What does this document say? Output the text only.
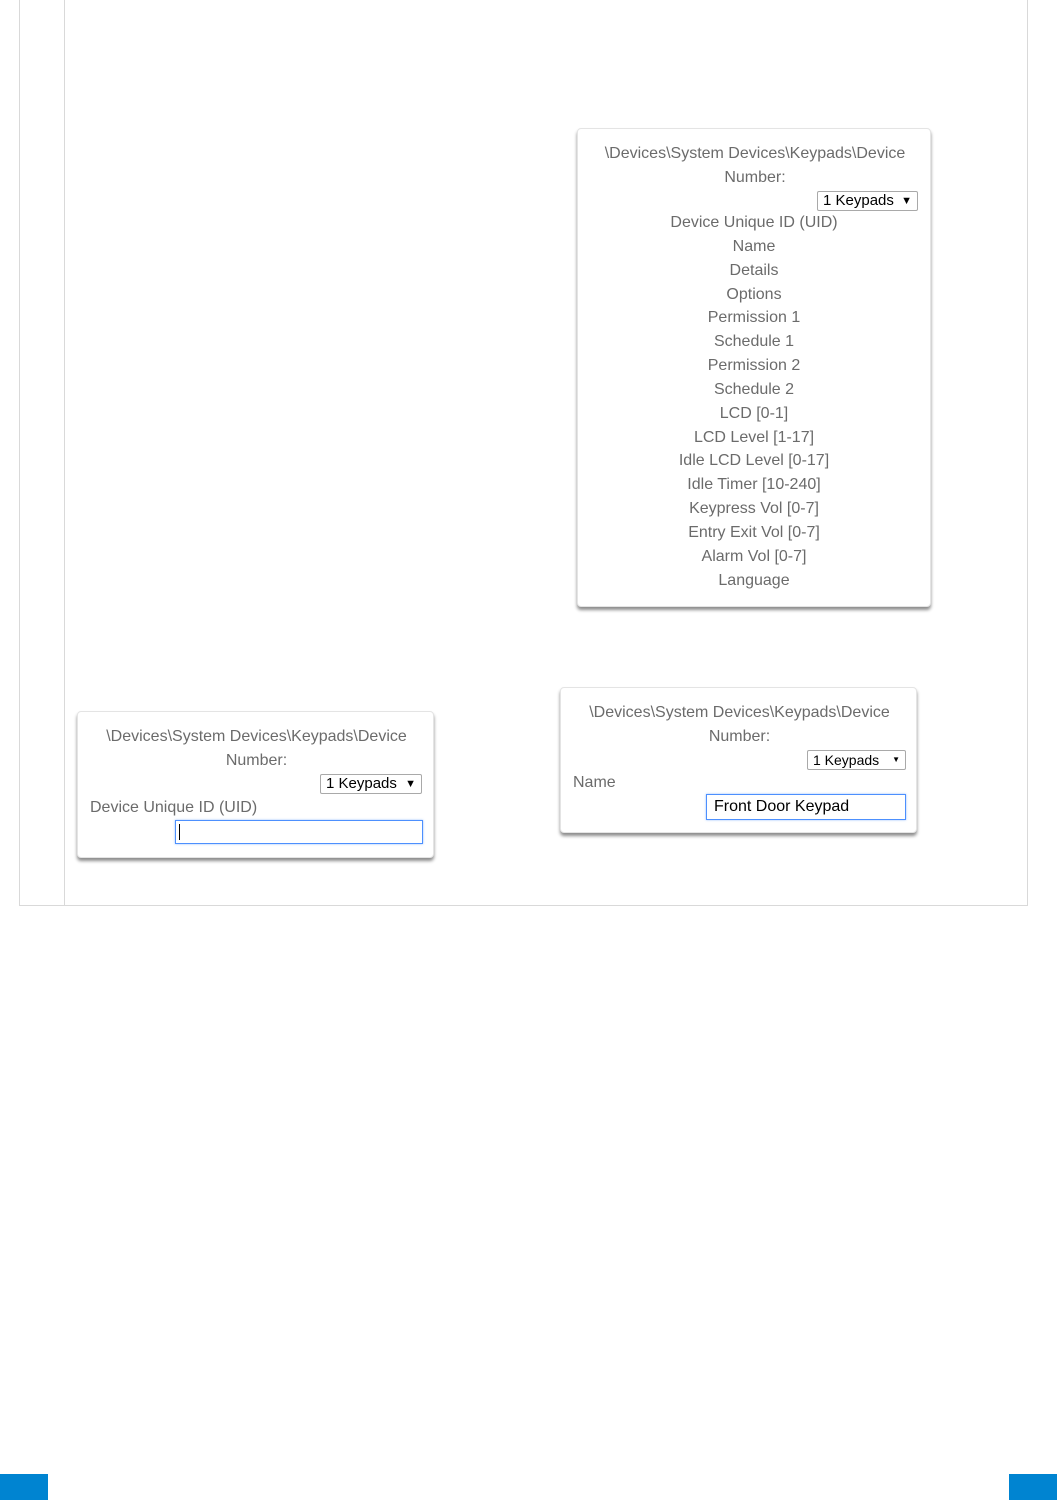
\Devices\System Devices\Keypads\Device
Number:
1 Keypads ▼
Device Unique ID (UID)
Name
Details
Options
Permission 1
Schedule 1
Permission 2
Schedule 2
LCD [0-1]
LCD Level [1-17]
Idle LCD Level [0-17]
Idle Timer [10-240]
Keypress Vol [0-7]
Entry Exit Vol [0-7]
Alarm Vol [0-7]
Language
\Devices\System Devices\Keypads\Device
Number:
1 Keypads ▼
Device Unique ID (UID)
\Devices\System Devices\Keypads\Device
Number:
1 Keypads ▼
Name
Front Door Keypad
